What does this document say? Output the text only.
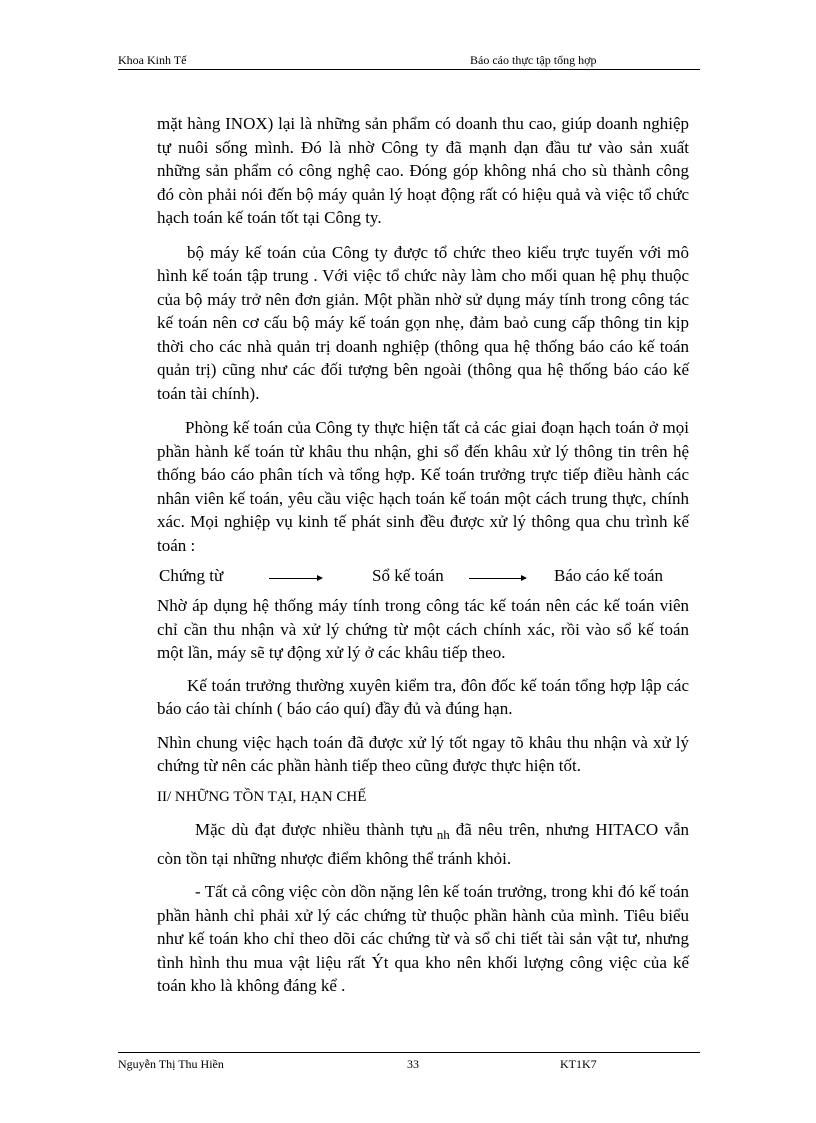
Khoa Kinh Tế	Báo cáo thực tập tổng hợp

mặt hàng INOX) lại là những sản phẩm có doanh thu cao, giúp doanh nghiệp tự nuôi sống mình. Đó là nhờ Công ty đã mạnh dạn đầu tư vào sản xuất những sản phẩm có công nghệ cao. Đóng góp không nhá cho sù thành công đó còn phải nói đến bộ máy quản lý hoạt động rất có hiệu quả và việc tổ chức hạch toán kế toán tốt tại Công ty.

bộ máy kế toán của Công ty được tổ chức theo kiểu trực tuyến với mô hình kế toán tập trung . Với việc tổ chức này làm cho mối quan hệ phụ thuộc của bộ máy trở nên đơn giản. Một phần nhờ sử dụng máy tính trong công tác kế toán nên cơ cấu bộ máy kế toán gọn nhẹ, đảm baỏ cung cấp thông tin kịp thời cho các nhà quản trị doanh nghiệp (thông qua hệ thống báo cáo kế toán quản trị) cũng như các đối tượng bên ngoài (thông qua hệ thống báo cáo kế toán tài chính).

Phòng kế toán của Công ty thực hiện tất cả các giai đoạn hạch toán ở mọi phần hành kế toán từ khâu thu nhận, ghi sổ đến khâu xử lý thông tin trên hệ thống báo cáo phân tích và tổng hợp. Kế toán trưởng trực tiếp điều hành các nhân viên kế toán, yêu cầu việc hạch toán kế toán một cách trung thực, chính xác. Mọi nghiệp vụ kinh tế phát sinh đều được xử lý thông qua chu trình kế toán :

Chứng từ	Sổ kế toán	Báo cáo kế toán

Nhờ áp dụng hệ thống máy tính trong công tác kế toán nên các kế toán viên chỉ cần thu nhận và xử lý chứng từ một cách chính xác, rồi vào sổ kế toán một lần, máy sẽ tự động xử lý ở các khâu tiếp theo.

Kế toán trưởng thường xuyên kiểm tra, đôn đốc kế toán tổng hợp lập các báo cáo tài chính ( báo cáo quí) đầy đủ và đúng hạn.

Nhìn chung việc hạch toán đã được xử lý tốt ngay tõ khâu thu nhận và xử lý chứng từ nên các phần hành tiếp theo cũng được thực hiện tốt.

II/ NHỮNG TỒN TẠI, HẠN CHẾ

Mặc dù đạt được nhiều thành tựu $_{nh}$ đã nêu trên, nhưng HITACO vẫn còn tồn tại những nhược điểm không thể tránh khỏi.

- Tất cả công việc còn dồn nặng lên kế toán trưởng, trong khi đó kế toán phần hành chỉ phải xử lý các chứng từ thuộc phần hành của mình. Tiêu biểu như kế toán kho chỉ theo dõi các chứng từ và sổ chi tiết tài sản vật tư, nhưng tình hình thu mua vật liệu rất Ýt qua kho nên khối lượng công việc của kế toán kho là không đáng kể .

Nguyễn Thị Thu Hiền	33	KT1K7
